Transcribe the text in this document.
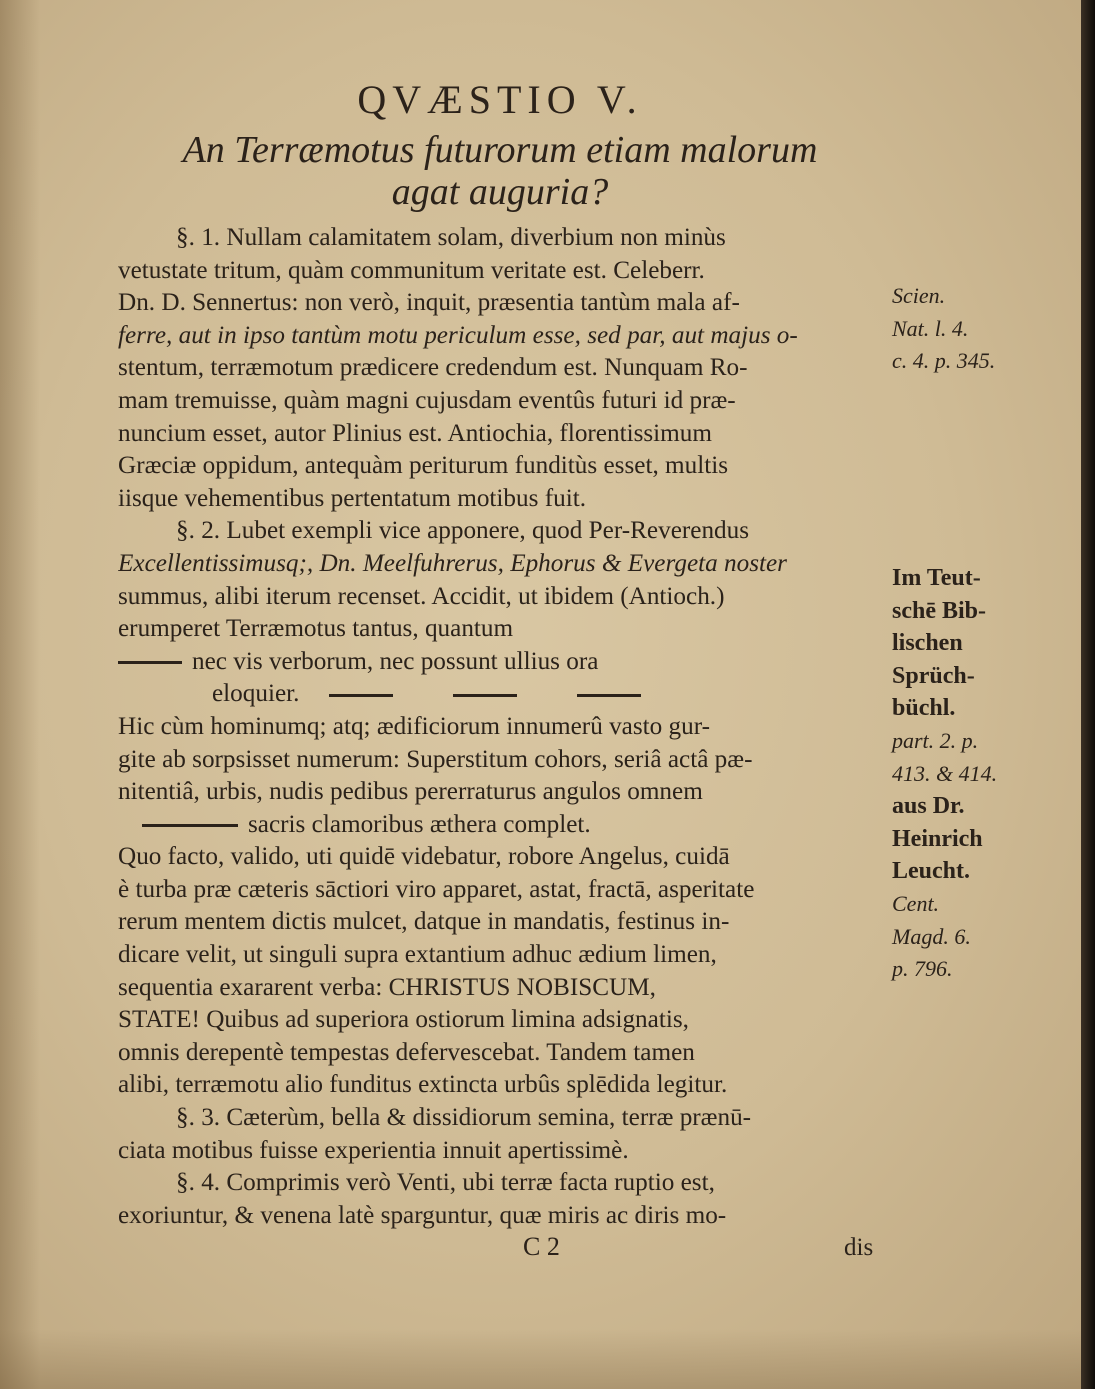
QVÆSTIO V.
An Terræmotus futurorum etiam malorum
agat auguria?
§. 1. Nullam calamitatem solam, diverbium non minùs
vetustate tritum, quàm communitum veritate est. Celeberr.
Dn. D. Sennertus: non verò, inquit, præsentia tantùm mala af-
ferre, aut in ipso tantùm motu periculum esse, sed par, aut majus o-
stentum, terræmotum prædicere credendum est. Nunquam Ro-
mam tremuisse, quàm magni cujusdam eventûs futuri id præ-
nuncium esset, autor Plinius est. Antiochia, florentissimum
Græciæ oppidum, antequàm periturum funditùs esset, multis
iisque vehementibus pertentatum motibus fuit.
§. 2. Lubet exempli vice apponere, quod Per-Reverendus
Excellentissimusq;, Dn. Meelfuhrerus, Ephorus & Evergeta noster
summus, alibi iterum recenset. Accidit, ut ibidem (Antioch.)
erumperet Terræmotus tantus, quantum
nec vis verborum, nec possunt ullius ora
eloquier.
Hic cùm hominumq; atq; ædificiorum innumerû vasto gur-
gite ab sorpsisset numerum: Superstitum cohors, seriâ actâ pæ-
nitentiâ, urbis, nudis pedibus pererraturus angulos omnem
sacris clamoribus æthera complet.
Quo facto, valido, uti quidē videbatur, robore Angelus, cuidā
è turba præ cæteris sāctiori viro apparet, astat, fractā, asperitate
rerum mentem dictis mulcet, datque in mandatis, festinus in-
dicare velit, ut singuli supra extantium adhuc ædium limen,
sequentia exararent verba: CHRISTUS NOBISCUM,
STATE! Quibus ad superiora ostiorum limina adsignatis,
omnis derepentè tempestas defervescebat. Tandem tamen
alibi, terræmotu alio funditus extincta urbûs splēdida legitur.
§. 3. Cæterùm, bella & dissidiorum semina, terræ prænū-
ciata motibus fuisse experientia innuit apertissimè.
§. 4. Comprimis verò Venti, ubi terræ facta ruptio est,
exoriuntur, & venena latè sparguntur, quæ miris ac diris mo-
Scien.
Nat. l. 4.
c. 4. p. 345.
Im Teut-
schē Bib-
lischen
Sprüch-
büchl.
part. 2. p.
413. & 414.
aus Dr.
Heinrich
Leucht.
Cent.
Magd. 6.
p. 796.
C 2	dis
